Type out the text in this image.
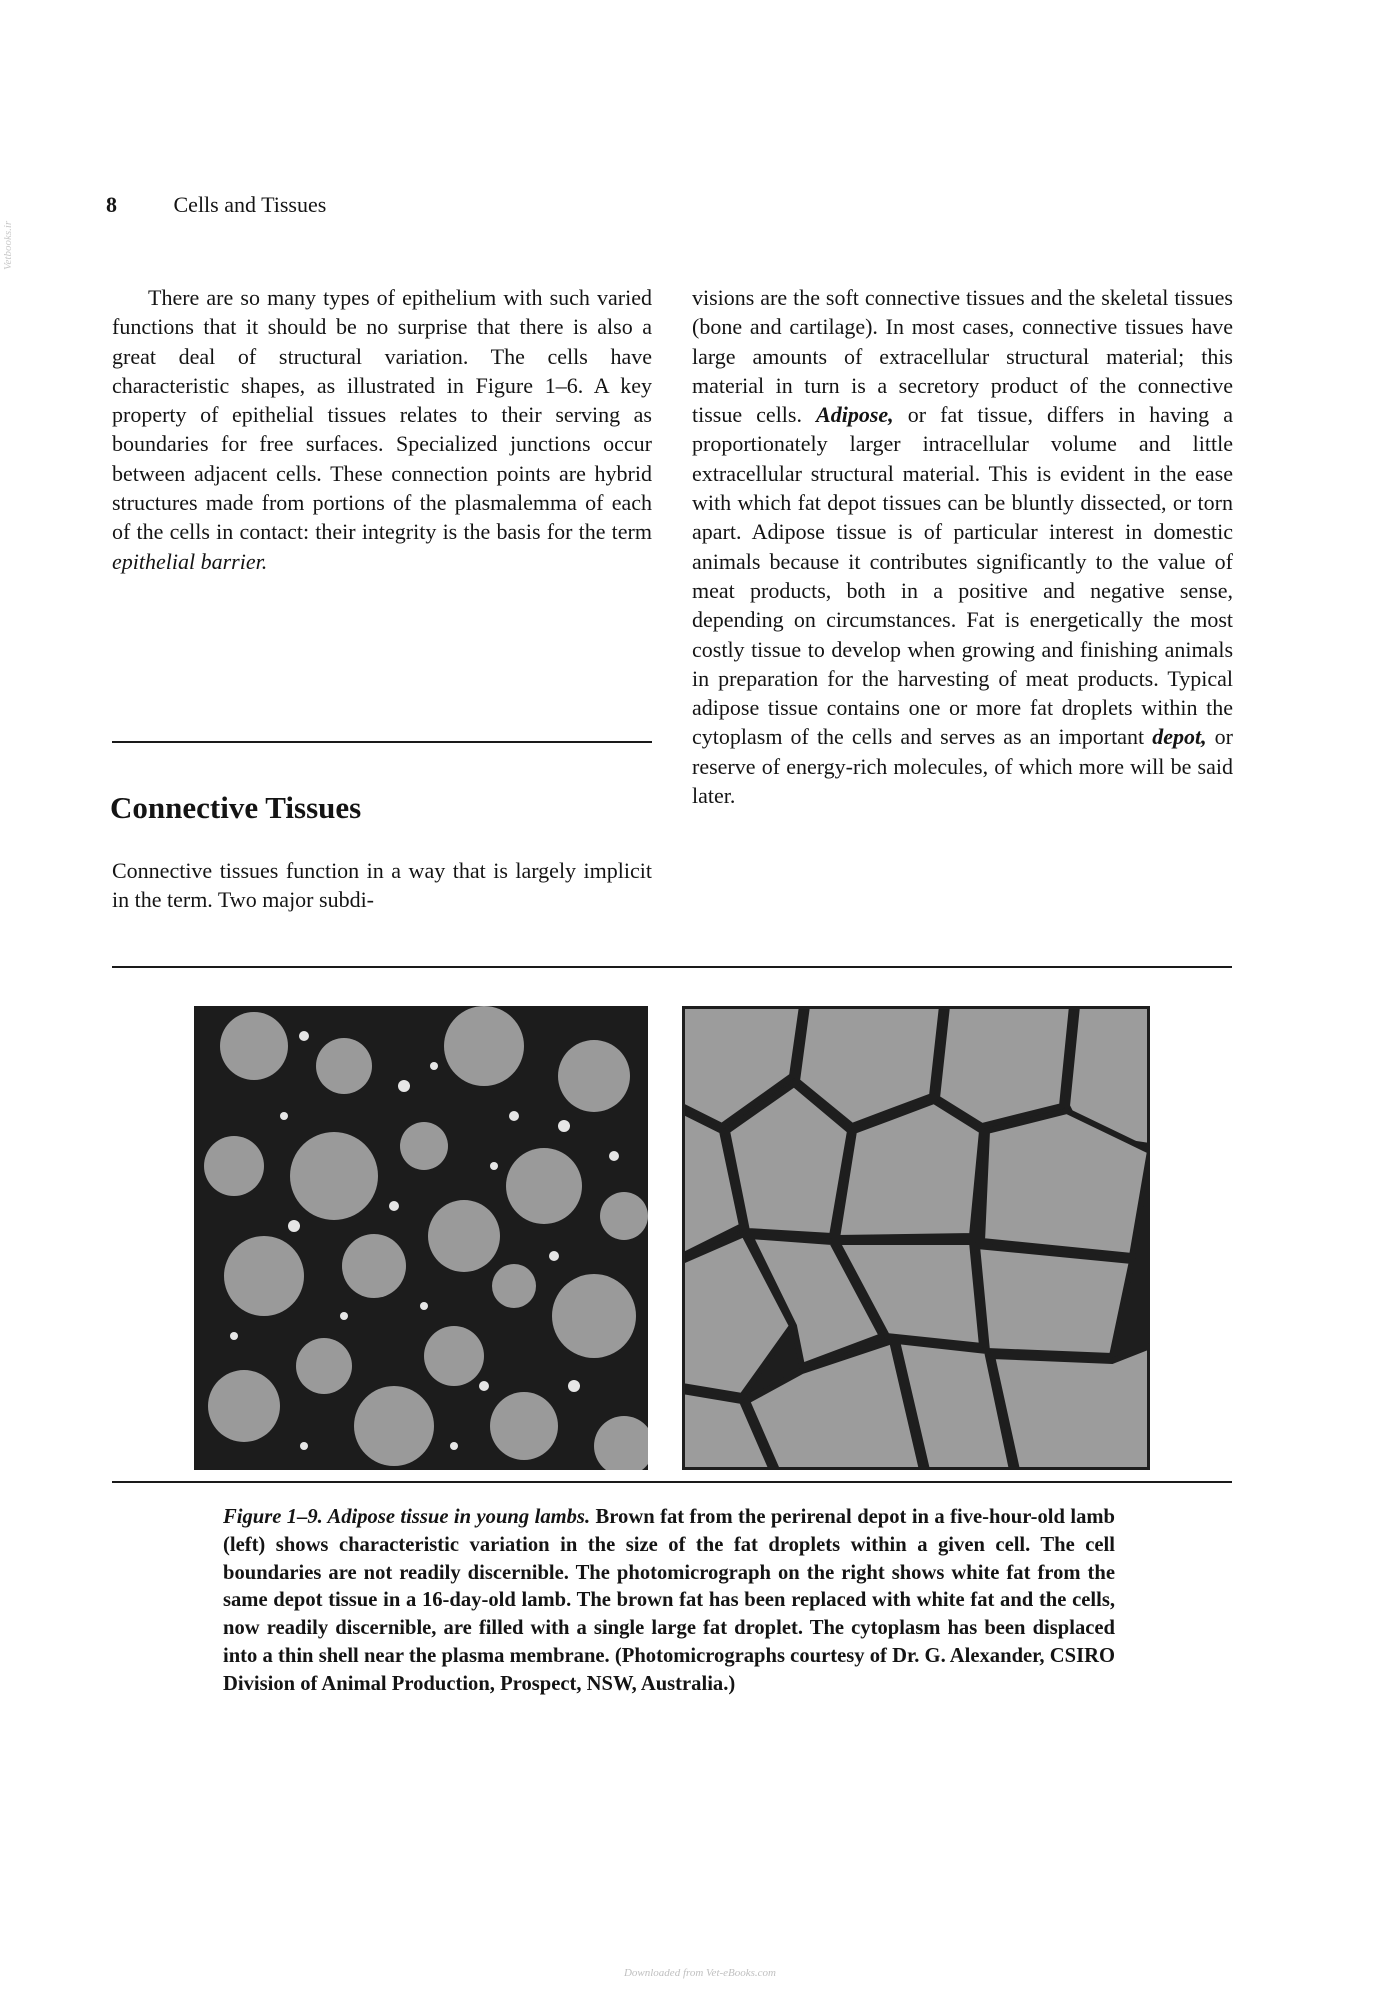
8	Cells and Tissues
Vetbooks.ir

There are so many types of epithelium with such varied functions that it should be no surprise that there is also a great deal of structural variation. The cells have characteristic shapes, as illustrated in Figure 1–6. A key property of epithelial tissues relates to their serving as boundaries for free surfaces. Specialized junctions occur between adjacent cells. These connection points are hybrid structures made from portions of the plasmalemma of each of the cells in contact: their integrity is the basis for the term epithelial barrier.

Connective Tissues

Connective tissues function in a way that is largely implicit in the term. Two major subdi-

visions are the soft connective tissues and the skeletal tissues (bone and cartilage). In most cases, connective tissues have large amounts of extracellular structural material; this material in turn is a secretory product of the connective tissue cells. Adipose, or fat tissue, differs in having a proportionately larger intracellular volume and little extracellular structural material. This is evident in the ease with which fat depot tissues can be bluntly dissected, or torn apart. Adipose tissue is of particular interest in domestic animals because it contributes significantly to the value of meat products, both in a positive and negative sense, depending on circumstances. Fat is energetically the most costly tissue to develop when growing and finishing animals in preparation for the harvesting of meat products. Typical adipose tissue contains one or more fat droplets within the cytoplasm of the cells and serves as an important depot, or reserve of energy-rich molecules, of which more will be said later.

Figure 1–9. Adipose tissue in young lambs. Brown fat from the perirenal depot in a five-hour-old lamb (left) shows characteristic variation in the size of the fat droplets within a given cell. The cell boundaries are not readily discernible. The photomicrograph on the right shows white fat from the same depot tissue in a 16-day-old lamb. The brown fat has been replaced with white fat and the cells, now readily discernible, are filled with a single large fat droplet. The cytoplasm has been displaced into a thin shell near the plasma membrane. (Photomicrographs courtesy of Dr. G. Alexander, CSIRO Division of Animal Production, Prospect, NSW, Australia.)
Downloaded from Vet-eBooks.com
